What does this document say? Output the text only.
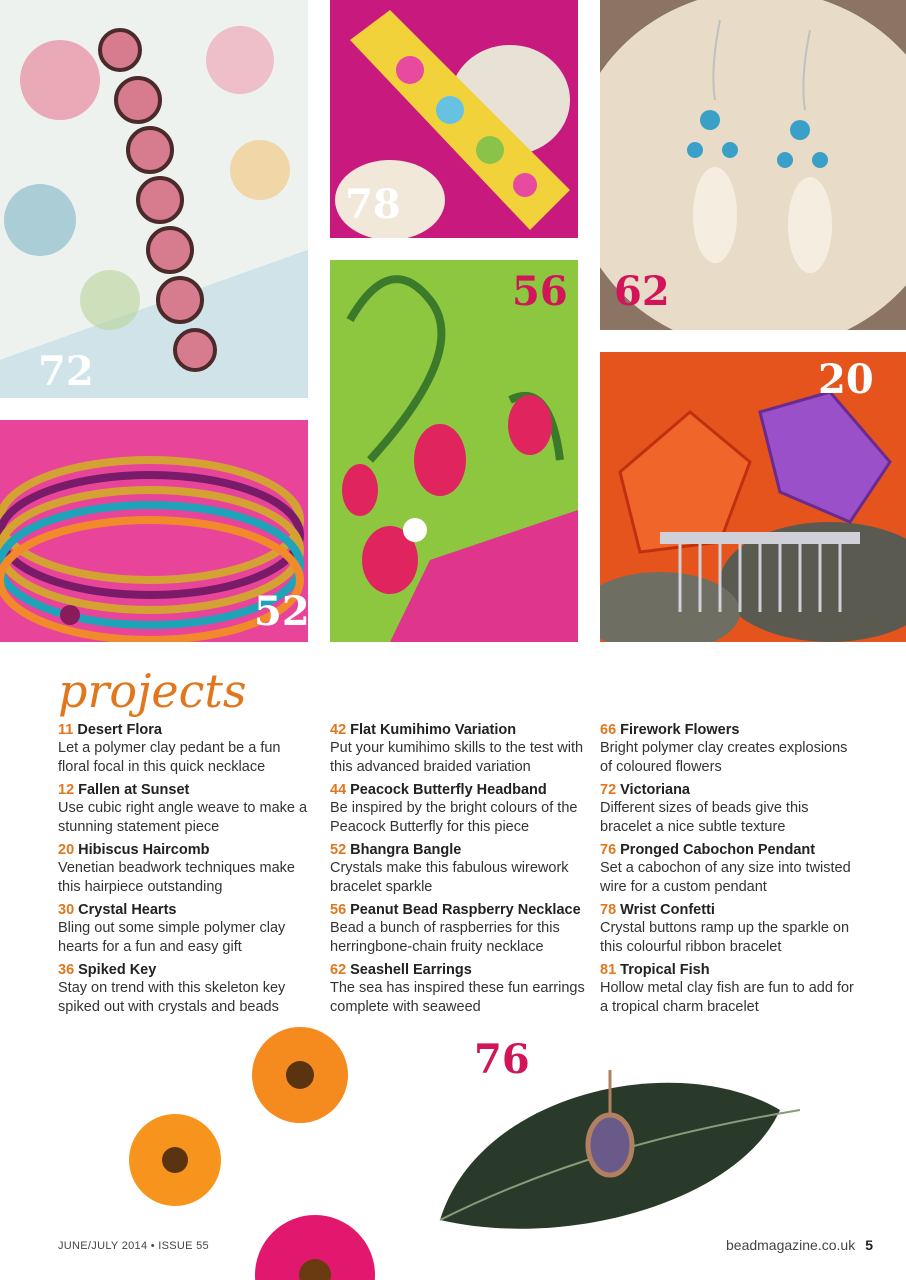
72
78
62
56
52
20
projects
11 Desert Flora
Let a polymer clay pedant be a fun floral focal in this quick necklace
12 Fallen at Sunset
Use cubic right angle weave to make a stunning statement piece
20 Hibiscus Haircomb
Venetian beadwork techniques make this hairpiece outstanding
30 Crystal Hearts
Bling out some simple polymer clay hearts for a fun and easy gift
36 Spiked Key
Stay on trend with this skeleton key spiked out with crystals and beads
42 Flat Kumihimo Variation
Put your kumihimo skills to the test with this advanced braided variation
44 Peacock Butterfly Headband
Be inspired by the bright colours of the Peacock Butterfly for this piece
52 Bhangra Bangle
Crystals make this fabulous wirework bracelet sparkle
56 Peanut Bead Raspberry Necklace
Bead a bunch of raspberries for this herringbone-chain fruity necklace
62 Seashell Earrings
The sea has inspired these fun earrings complete with seaweed
66 Firework Flowers
Bright polymer clay creates explosions of coloured flowers
72 Victoriana
Different sizes of beads give this bracelet a nice subtle texture
76 Pronged Cabochon Pendant
Set a cabochon of any size into twisted wire for a custom pendant
78 Wrist Confetti
Crystal buttons ramp up the sparkle on this colourful ribbon bracelet
81 Tropical Fish
Hollow metal clay fish are fun to add for a tropical charm bracelet
76
JUNE/JULY 2014 • ISSUE 55	beadmagazine.co.uk 5
